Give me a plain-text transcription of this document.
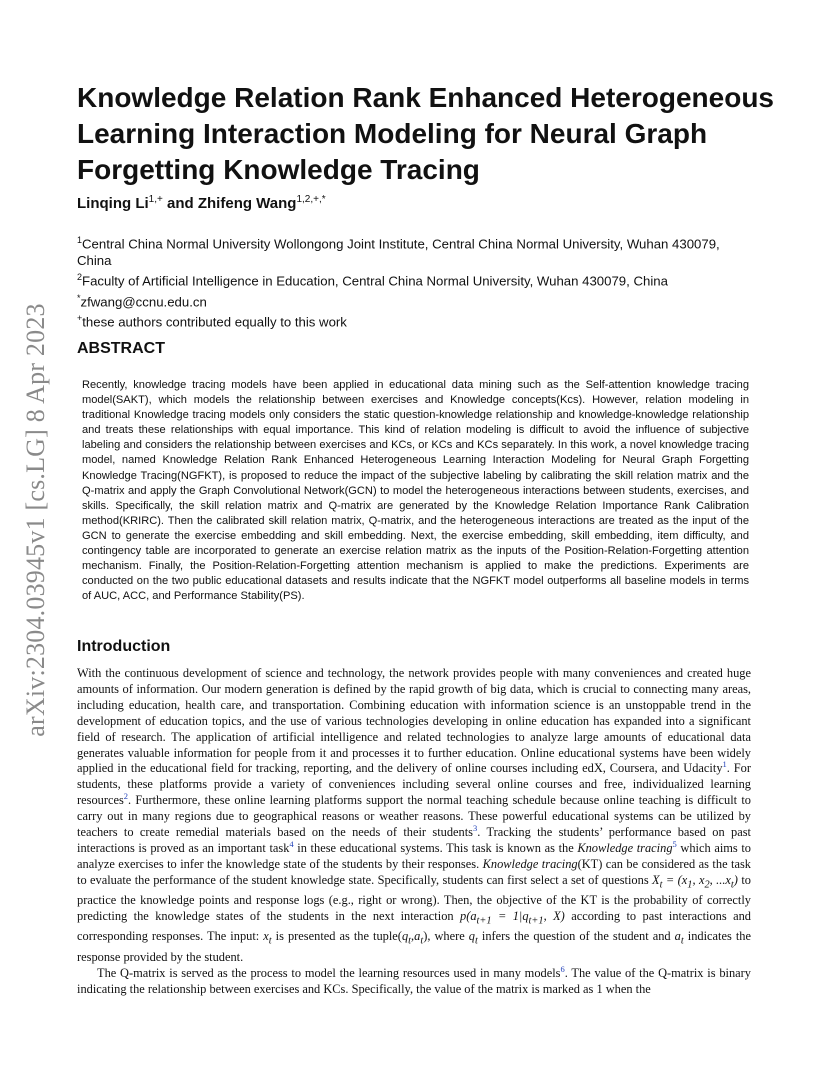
arXiv:2304.03945v1 [cs.LG] 8 Apr 2023
Knowledge Relation Rank Enhanced Heterogeneous Learning Interaction Modeling for Neural Graph Forgetting Knowledge Tracing
Linqing $Li^{1,+}$ and Zhifeng Wang$^{1,2,+,*}$

$^1$Central China Normal University Wollongong Joint Institute, Central China Normal University, Wuhan 430079, China

$^2$Faculty of Artificial Intelligence in Education, Central China Normal University, Wuhan 430079, China

*zfwang@ccnu.edu.cn

+these authors contributed equally to this work

ABSTRACT

Recently, knowledge tracing models have been applied in educational data mining such as the Self-attention knowledge tracing model(SAKT), which models the relationship between exercises and Knowledge concepts(Kcs). However, relation modeling in traditional Knowledge tracing models only considers the static question-knowledge relationship and knowledge-knowledge relationship and treats these relationships with equal importance. This kind of relation modeling is difficult to avoid the influence of subjective labeling and considers the relationship between exercises and KCs, or KCs and KCs separately. In this work, a novel knowledge tracing model, named Knowledge Relation Rank Enhanced Heterogeneous Learning Interaction Modeling for Neural Graph Forgetting Knowledge Tracing(NGFKT), is proposed to reduce the impact of the subjective labeling by calibrating the skill relation matrix and the Q-matrix and apply the Graph Convolutional Network(GCN) to model the heterogeneous interactions between students, exercises, and skills. Specifically, the skill relation matrix and Q-matrix are generated by the Knowledge Relation Importance Rank Calibration method(KRIRC). Then the calibrated skill relation matrix, Q-matrix, and the heterogeneous interactions are treated as the input of the GCN to generate the exercise embedding and skill embedding. Next, the exercise embedding, skill embedding, item difficulty, and contingency table are incorporated to generate an exercise relation matrix as the inputs of the Position-Relation-Forgetting attention mechanism. Finally, the Position-Relation-Forgetting attention mechanism is applied to make the predictions. Experiments are conducted on the two public educational datasets and results indicate that the NGFKT model outperforms all baseline models in terms of AUC, ACC, and Performance Stability(PS).

Introduction

With the continuous development of science and technology, the network provides people with many conveniences and created huge amounts of information. Our modern generation is defined by the rapid growth of big data, which is crucial to connecting many areas, including education, health care, and transportation. Combining education with information science is an unstoppable trend in the development of education topics, and the use of various technologies developing in online education has expanded into a significant field of research. The application of artificial intelligence and related technologies to analyze large amounts of educational data generates valuable information for people from it and processes it to further education. Online educational systems have been widely applied in the educational field for tracking, reporting, and the delivery of online courses including edX, Coursera, and Udacity$^1$. For students, these platforms provide a variety of conveniences including several online courses and free, individualized learning resources$^2$. Furthermore, these online learning platforms support the normal teaching schedule because online teaching is difficult to carry out in many regions due to geographical reasons or weather reasons. These powerful educational systems can be utilized by teachers to create remedial materials based on the needs of their students$^3$. Tracking the students’ performance based on past interactions is proved as an important task$^4$ in these educational systems. This task is known as the Knowledge tracing$^5$ which aims to analyze exercises to infer the knowledge state of the students by their responses. Knowledge tracing(KT) can be considered as the task to evaluate the performance of the student knowledge state. Specifically, students can first select a set of questions $X_t = (x_1$, $x_2$, $...x_t$) to practice the knowledge points and response logs (e.g., right or wrong). Then, the objective of the KT is the probability of correctly predicting the knowledge states of the students in the next interaction $p(a_{t+1} = 1|q_{t+1}$, X) according to past interactions and corresponding responses. The input: $x_t$ is presented as the $tuple(q_t,a_t)$, where $q_t$ infers the question of the student and $a_t$ indicates the response provided by the student.

The Q-matrix is served as the process to model the learning resources used in many models$^6$. The value of the Q-matrix is binary indicating the relationship between exercises and KCs. Specifically, the value of the matrix is marked as 1 when the
